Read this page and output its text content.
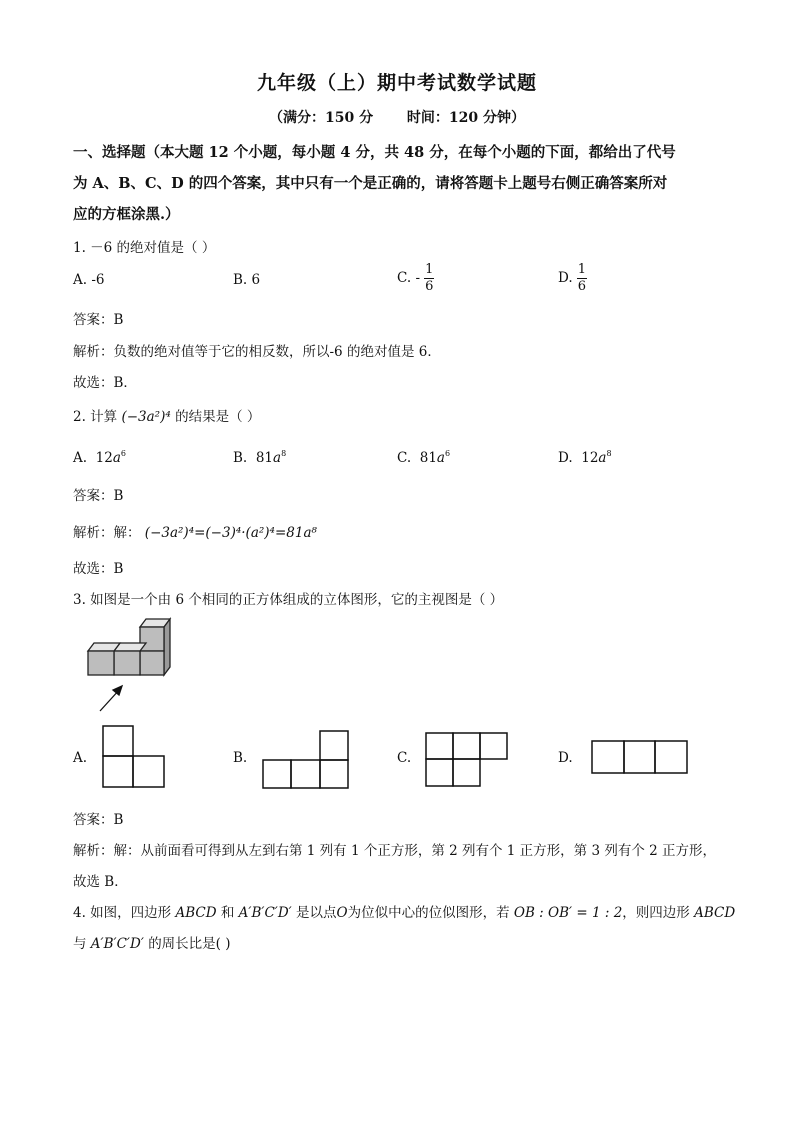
九年级（上）期中考试数学试题
（满分：150 分 时间：120 分钟）
一、选择题（本大题 12 个小题，每小题 4 分，共 48 分，在每个小题的下面，都给出了代号
为 A、B、C、D 的四个答案，其中只有一个是正确的，请将答题卡上题号右侧正确答案所对
应的方框涂黑.）
1. －6 的绝对值是（ ）
A. -6	B. 6	C. - $\frac{1}{6}$	D. $\frac{1}{6}$
答案：B
解析：负数的绝对值等于它的相反数，所以-6 的绝对值是 6．
故选：B．
2. 计算 (−3a²)⁴ 的结果是（ ）
A. $12a^6$	B. $81a^8$	C. $81a^6$	D. $12a^8$
答案：B
解析：解： (−3a²)⁴=(−3)⁴·(a²)⁴=81a⁸
故选：B
3. 如图是一个由 6 个相同的正方体组成的立体图形，它的主视图是（ ）
A.	B.	C.	D.
答案：B
解析：解：从前面看可得到从左到右第 1 列有 1 个正方形，第 2 列有个 1 正方形，第 3 列有个 2 正方形，
故选 B．
4. 如图，四边形 ABCD 和 A′B′C′D′ 是以点O为位似中心的位似图形，若 OB : OB′ = 1 : 2，则四边形 ABCD
与 A′B′C′D′ 的周长比是( )
